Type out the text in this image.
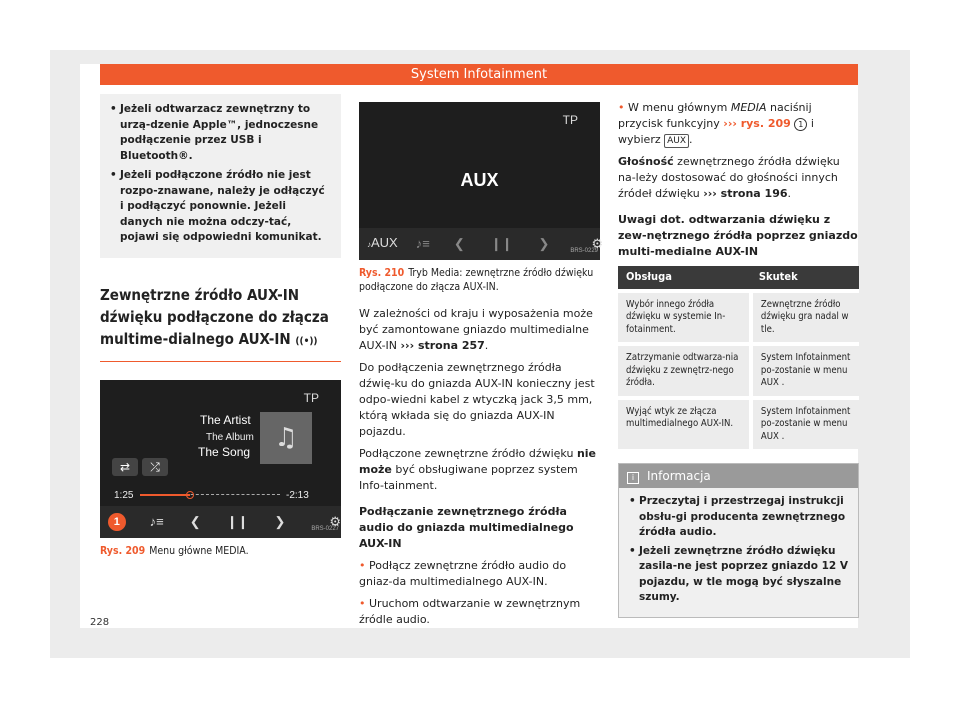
System Infotainment
• Jeżeli odtwarzacz zewnętrzny to urzą-dzenie Apple™, jednoczesne podłączenie przez USB i Bluetooth®.
• Jeżeli podłączone źródło nie jest rozpo-znawane, należy je odłączyć i podłączyć ponownie. Jeżeli danych nie można odczy-tać, pojawi się odpowiedni komunikat.
Zewnętrzne źródło AUX-IN dźwięku podłączone do złącza multime-dialnego AUX-IN ((•))
TP
The Artist
The Album
The Song ♫
⇄	⤮
1:25	-2:13
1	♪≡ ❮ ❙❙ ❯	⚙
BRS-0227
Rys. 209 Menu główne MEDIA.
TP
AUX
♪AUX ♪≡ ❮ ❙❙ ❯	⚙
BRS-0229
Rys. 210 Tryb Media: zewnętrzne źródło dźwięku podłączone do złącza AUX-IN.

W zależności od kraju i wyposażenia może być zamontowane gniazdo multimedialne AUX-IN ››› strona 257.

Do podłączenia zewnętrznego źródła dźwię-ku do gniazda AUX-IN konieczny jest odpo-wiedni kabel z wtyczką jack 3,5 mm, którą wkłada się do gniazda AUX-IN pojazdu.

Podłączone zewnętrzne źródło dźwięku nie może być obsługiwane poprzez system Info-tainment.

Podłączanie zewnętrznego źródła audio do gniazda multimedialnego AUX-IN

• Podłącz zewnętrzne źródło audio do gniaz-da multimedialnego AUX-IN.

• Uruchom odtwarzanie w zewnętrznym źródle audio.

• W menu głównym MEDIA naciśnij przycisk funkcyjny ››› rys. 209 1 i wybierz AUX .

Głośność zewnętrznego źródła dźwięku na-leży dostosować do głośności innych źródeł dźwięku ››› strona 196.

Uwagi dot. odtwarzania dźwięku z zew-nętrznego źródła poprzez gniazdo multi-medialne AUX-IN

Obsługa	Skutek
Wybór innego źródła dźwięku w systemie In-fotainment.	Zewnętrzne źródło dźwięku gra nadal w tle.
Zatrzymanie odtwarza-nia dźwięku z zewnętrz-nego źródła.	System Infotainment po-zostanie w menu AUX .
Wyjąć wtyk ze złącza multimedialnego AUX-IN.	System Infotainment po-zostanie w menu AUX .
i Informacja
• Przeczytaj i przestrzegaj instrukcji obsłu-gi producenta zewnętrznego źródła audio.
• Jeżeli zewnętrzne źródło dźwięku zasila-ne jest poprzez gniazdo 12 V pojazdu, w tle mogą być słyszalne szumy.
228
